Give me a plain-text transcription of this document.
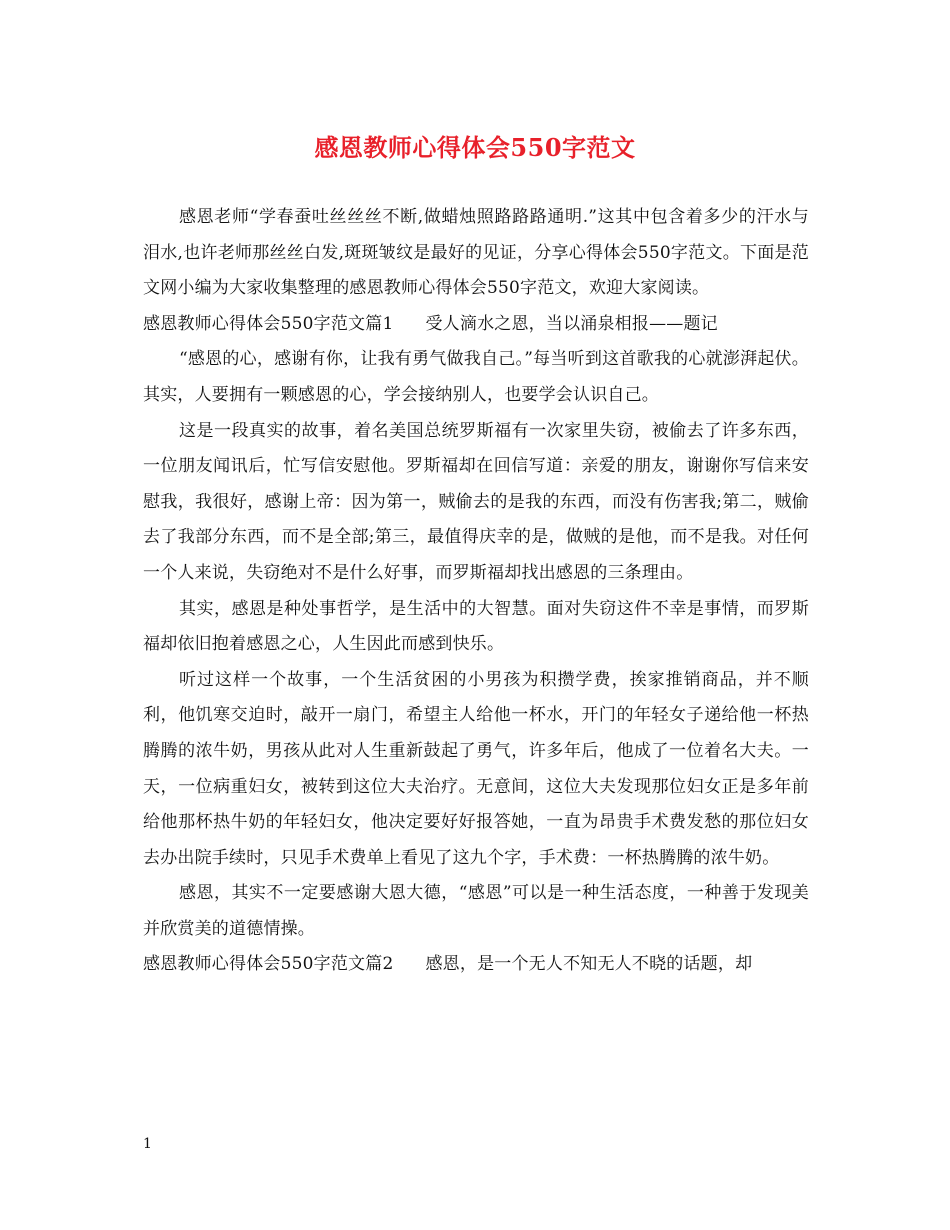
感恩教师心得体会550字范文

感恩老师“学春蚕吐丝丝丝不断,做蜡烛照路路路通明.”这其中包含着多少的汗水与泪水,也许老师那丝丝白发,斑斑皱纹是最好的见证，分享心得体会550字范文。下面是范文网小编为大家收集整理的感恩教师心得体会550字范文，欢迎大家阅读。

感恩教师心得体会550字范文篇1 受人滴水之恩，当以涌泉相报——题记

“感恩的心，感谢有你，让我有勇气做我自己。”每当听到这首歌我的心就澎湃起伏。其实，人要拥有一颗感恩的心，学会接纳别人，也要学会认识自己。

这是一段真实的故事，着名美国总统罗斯福有一次家里失窃，被偷去了许多东西，一位朋友闻讯后，忙写信安慰他。罗斯福却在回信写道：亲爱的朋友，谢谢你写信来安慰我，我很好，感谢上帝：因为第一，贼偷去的是我的东西，而没有伤害我;第二，贼偷去了我部分东西，而不是全部;第三，最值得庆幸的是，做贼的是他，而不是我。对任何一个人来说，失窃绝对不是什么好事，而罗斯福却找出感恩的三条理由。

其实，感恩是种处事哲学，是生活中的大智慧。面对失窃这件不幸是事情，而罗斯福却依旧抱着感恩之心，人生因此而感到快乐。

听过这样一个故事，一个生活贫困的小男孩为积攒学费，挨家推销商品，并不顺利，他饥寒交迫时，敲开一扇门，希望主人给他一杯水，开门的年轻女子递给他一杯热腾腾的浓牛奶，男孩从此对人生重新鼓起了勇气，许多年后，他成了一位着名大夫。一天，一位病重妇女，被转到这位大夫治疗。无意间，这位大夫发现那位妇女正是多年前给他那杯热牛奶的年轻妇女，他决定要好好报答她，一直为昂贵手术费发愁的那位妇女去办出院手续时，只见手术费单上看见了这九个字，手术费：一杯热腾腾的浓牛奶。

感恩，其实不一定要感谢大恩大德，“感恩”可以是一种生活态度，一种善于发现美并欣赏美的道德情操。

感恩教师心得体会550字范文篇2 感恩，是一个无人不知无人不晓的话题，却

1
